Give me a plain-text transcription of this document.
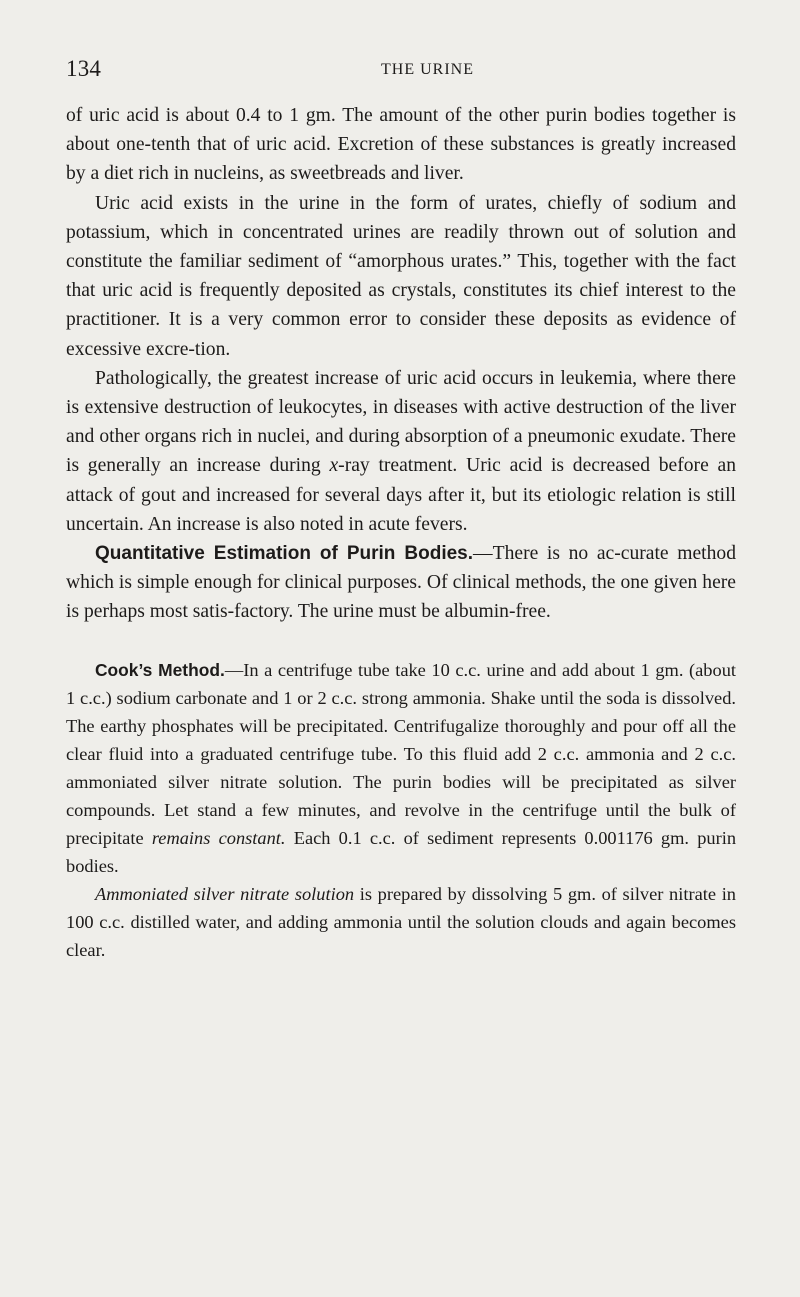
134	THE URINE

of uric acid is about 0.4 to 1 gm. The amount of the other purin bodies together is about one-tenth that of uric acid. Excretion of these substances is greatly increased by a diet rich in nucleins, as sweetbreads and liver.

Uric acid exists in the urine in the form of urates, chiefly of sodium and potassium, which in concentrated urines are readily thrown out of solution and constitute the familiar sediment of “amorphous urates.” This, together with the fact that uric acid is frequently deposited as crystals, constitutes its chief interest to the practitioner. It is a very common error to consider these deposits as evidence of excessive excre-tion.

Pathologically, the greatest increase of uric acid occurs in leukemia, where there is extensive destruction of leukocytes, in diseases with active destruction of the liver and other organs rich in nuclei, and during absorption of a pneumonic exudate. There is generally an increase during x-ray treatment. Uric acid is decreased before an attack of gout and increased for several days after it, but its etiologic relation is still uncertain. An increase is also noted in acute fevers.

Quantitative Estimation of Purin Bodies.—There is no ac-curate method which is simple enough for clinical purposes. Of clinical methods, the one given here is perhaps most satis-factory. The urine must be albumin-free.

Cook’s Method.—In a centrifuge tube take 10 c.c. urine and add about 1 gm. (about 1 c.c.) sodium carbonate and 1 or 2 c.c. strong ammonia. Shake until the soda is dissolved. The earthy phosphates will be precipitated. Centrifugalize thoroughly and pour off all the clear fluid into a graduated centrifuge tube. To this fluid add 2 c.c. ammonia and 2 c.c. ammoniated silver nitrate solution. The purin bodies will be precipitated as silver compounds. Let stand a few minutes, and revolve in the centrifuge until the bulk of precipitate remains constant. Each 0.1 c.c. of sediment represents 0.001176 gm. purin bodies.

Ammoniated silver nitrate solution is prepared by dissolving 5 gm. of silver nitrate in 100 c.c. distilled water, and adding ammonia until the solution clouds and again becomes clear.
